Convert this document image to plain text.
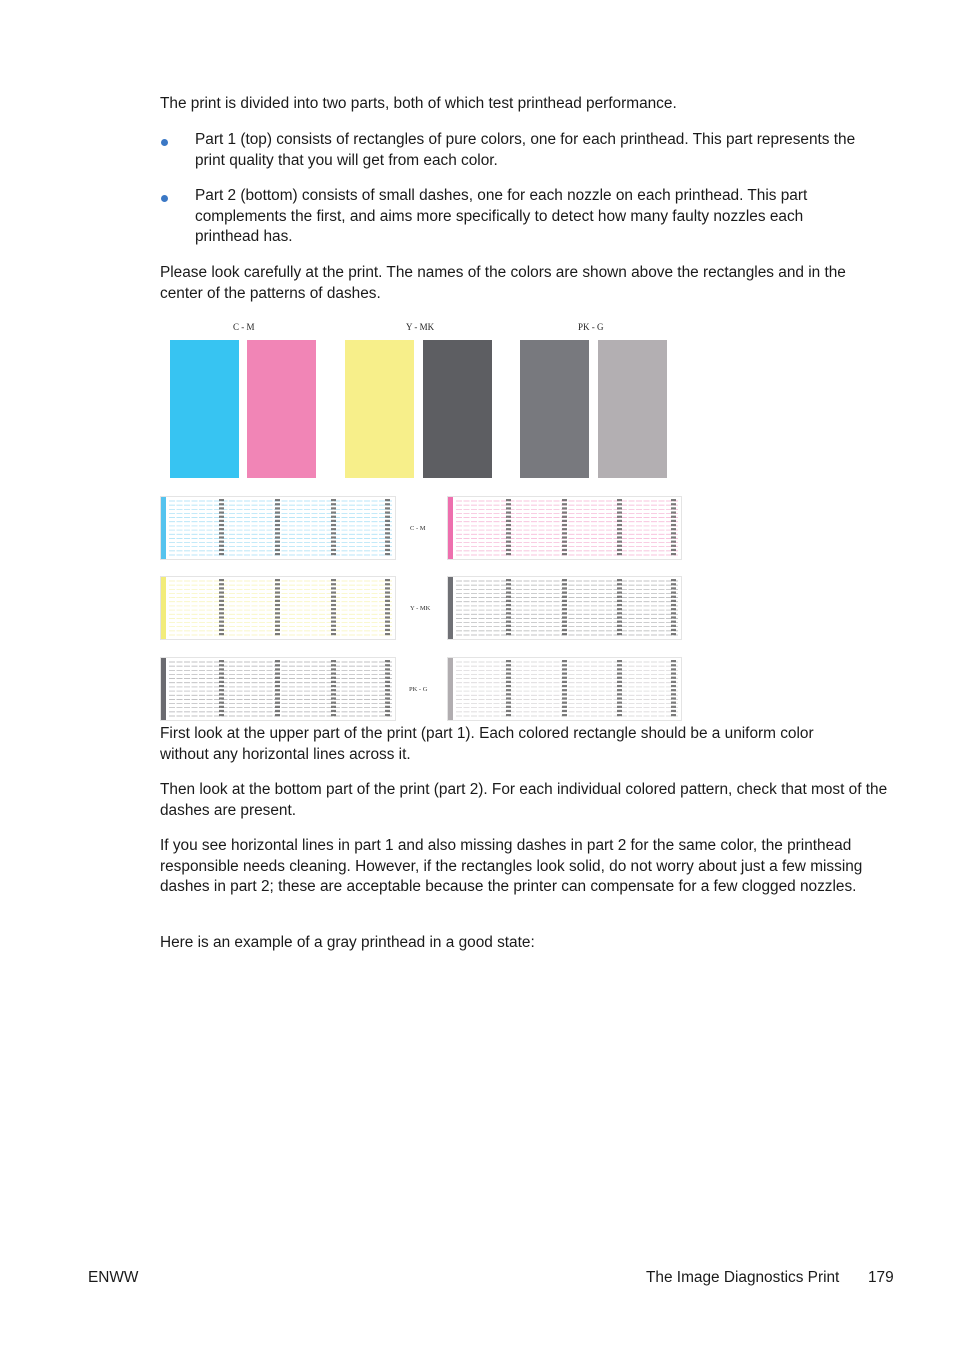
The print is divided into two parts, both of which test printhead performance.

Part 1 (top) consists of rectangles of pure colors, one for each printhead. This part represents the print quality that you will get from each color.

Part 2 (bottom) consists of small dashes, one for each nozzle on each printhead. This part complements the first, and aims more specifically to detect how many faulty nozzles each printhead has.

Please look carefully at the print. The names of the colors are shown above the rectangles and in the center of the patterns of dashes.

C - M	Y - MK	PK - G
C - M
Y - MK
PK - G

First look at the upper part of the print (part 1). Each colored rectangle should be a uniform color without any horizontal lines across it.

Then look at the bottom part of the print (part 2). For each individual colored pattern, check that most of the dashes are present.

If you see horizontal lines in part 1 and also missing dashes in part 2 for the same color, the printhead responsible needs cleaning. However, if the rectangles look solid, do not worry about just a few missing dashes in part 2; these are acceptable because the printer can compensate for a few clogged nozzles.

Here is an example of a gray printhead in a good state:

ENWW	The Image Diagnostics Print 179
